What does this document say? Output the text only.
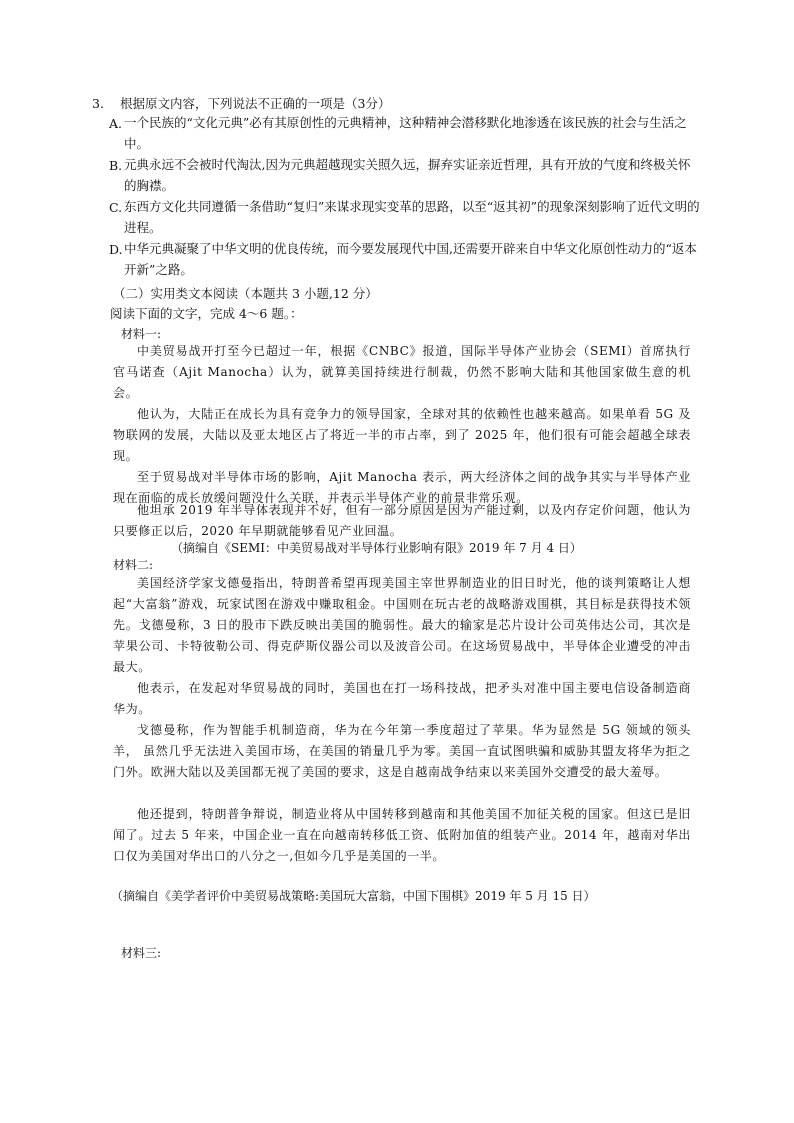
3. 根据原文内容，下列说法不正确的一项是（3分）
A. 一个民族的“文化元典”必有其原创性的元典精神，这种精神会潜移默化地渗透在该民族的社会与生活之中。
B. 元典永远不会被时代淘汰,因为元典超越现实关照久远，摒弃实证亲近哲理，具有开放的气度和终极关怀的胸襟。
C. 东西方文化共同遵循一条借助“复归”来谋求现实变革的思路，以至“返其初”的现象深刻影响了近代文明的进程。
D. 中华元典凝聚了中华文明的优良传统，而今要发展现代中国,还需要开辟来自中华文化原创性动力的“返本开新”之路。
（二）实用类文本阅读（本题共 3 小题,12 分）
阅读下面的文字，完成 4～6 题。：
材料一:
中美贸易战开打至今已超过一年，根据《CNBC》报道，国际半导体产业协会（SEMI）首席执行官马诺查（Ajit Manocha）认为，就算美国持续进行制裁，仍然不影响大陆和其他国家做生意的机会。
他认为，大陆正在成长为具有竞争力的领导国家，全球对其的依赖性也越来越高。如果单看 5G 及物联网的发展，大陆以及亚太地区占了将近一半的市占率，到了 2025 年，他们很有可能会超越全球表现。
至于贸易战对半导体市场的影响，Ajit Manocha 表示，两大经济体之间的战争其实与半导体产业现在面临的成长放缓问题没什么关联，并表示半导体产业的前景非常乐观。
他坦承 2019 年半导体表现并不好，但有一部分原因是因为产能过剩，以及内存定价问题，他认为只要修正以后，2020 年早期就能够看见产业回温。
（摘编自《SEMI：中美贸易战对半导体行业影响有限》2019 年 7 月 4 日）
材料二:
美国经济学家戈德曼指出，特朗普希望再现美国主宰世界制造业的旧日时光，他的谈判策略让人想起“大富翁”游戏，玩家试图在游戏中赚取租金。中国则在玩古老的战略游戏围棋，其目标是获得技术领先。戈德曼称，3 日的股市下跌反映出美国的脆弱性。最大的输家是芯片设计公司英伟达公司，其次是苹果公司、卡特彼勒公司、得克萨斯仪器公司以及波音公司。在这场贸易战中，半导体企业遭受的冲击最大。
他表示，在发起对华贸易战的同时，美国也在打一场科技战，把矛头对准中国主要电信设备制造商华为。
戈德曼称，作为智能手机制造商，华为在今年第一季度超过了苹果。华为显然是 5G 领域的领头羊， 虽然几乎无法进入美国市场，在美国的销量几乎为零。美国一直试图哄骗和威胁其盟友将华为拒之门外。欧洲大陆以及美国都无视了美国的要求，这是自越南战争结束以来美国外交遭受的最大羞辱。
他还提到，特朗普争辩说，制造业将从中国转移到越南和其他美国不加征关税的国家。但这已是旧闻了。过去 5 年来，中国企业一直在向越南转移低工资、低附加值的组装产业。2014 年，越南对华出口仅为美国对华出口的八分之一,但如今几乎是美国的一半。
（摘编自《美学者评价中美贸易战策略:美国玩大富翁，中国下围棋》2019 年 5 月 15 日）
材料三:
